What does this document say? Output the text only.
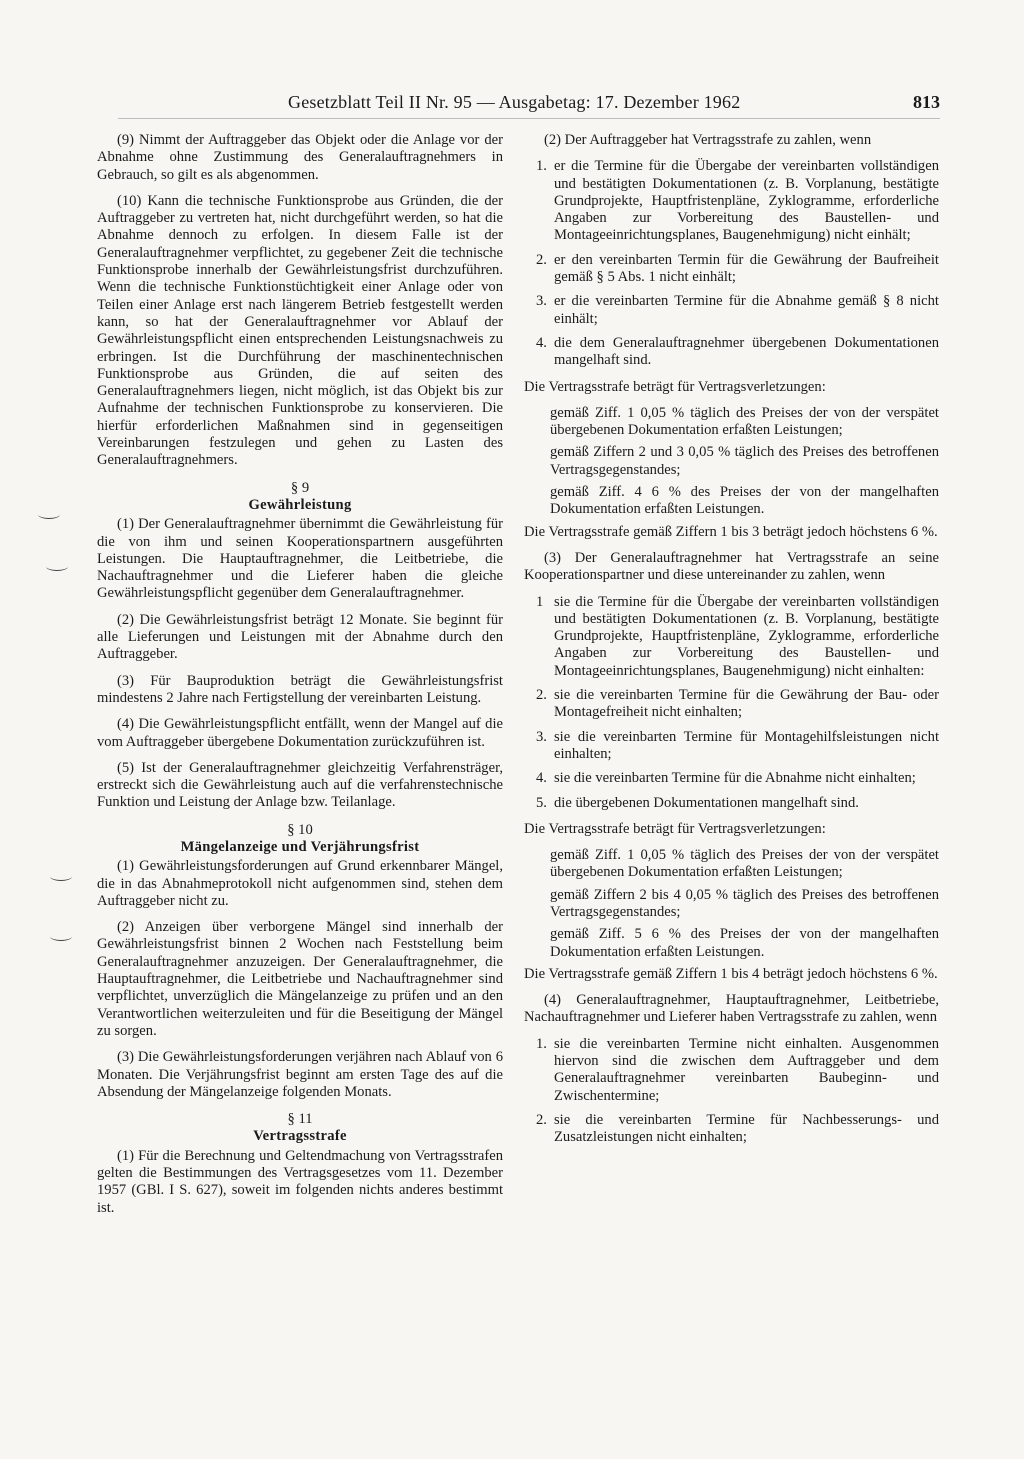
Gesetzblatt Teil II Nr. 95 — Ausgabetag: 17. Dezember 1962	813

(9) Nimmt der Auftraggeber das Objekt oder die Anlage vor der Abnahme ohne Zustimmung des Generalauftragnehmers in Gebrauch, so gilt es als abgenommen.

(10) Kann die technische Funktionsprobe aus Gründen, die der Auftraggeber zu vertreten hat, nicht durchgeführt werden, so hat die Abnahme dennoch zu erfolgen. In diesem Falle ist der Generalauftragnehmer verpflichtet, zu gegebener Zeit die technische Funktionsprobe innerhalb der Gewährleistungsfrist durchzuführen. Wenn die technische Funktionstüchtigkeit einer Anlage oder von Teilen einer Anlage erst nach längerem Betrieb festgestellt werden kann, so hat der Generalauftragnehmer vor Ablauf der Gewährleistungspflicht einen entsprechenden Leistungsnachweis zu erbringen. Ist die Durchführung der maschinentechnischen Funktionsprobe aus Gründen, die auf seiten des Generalauftragnehmers liegen, nicht möglich, ist das Objekt bis zur Aufnahme der technischen Funktionsprobe zu konservieren. Die hierfür erforderlichen Maßnahmen sind in gegenseitigen Vereinbarungen festzulegen und gehen zu Lasten des Generalauftragnehmers.

§ 9
Gewährleistung

(1) Der Generalauftragnehmer übernimmt die Gewährleistung für die von ihm und seinen Kooperationspartnern ausgeführten Leistungen. Die Hauptauftragnehmer, die Leitbetriebe, die Nachauftragnehmer und die Lieferer haben die gleiche Gewährleistungspflicht gegenüber dem Generalauftragnehmer.

(2) Die Gewährleistungsfrist beträgt 12 Monate. Sie beginnt für alle Lieferungen und Leistungen mit der Abnahme durch den Auftraggeber.

(3) Für Bauproduktion beträgt die Gewährleistungsfrist mindestens 2 Jahre nach Fertigstellung der vereinbarten Leistung.

(4) Die Gewährleistungspflicht entfällt, wenn der Mangel auf die vom Auftraggeber übergebene Dokumentation zurückzuführen ist.

(5) Ist der Generalauftragnehmer gleichzeitig Verfahrensträger, erstreckt sich die Gewährleistung auch auf die verfahrenstechnische Funktion und Leistung der Anlage bzw. Teilanlage.

§ 10
Mängelanzeige und Verjährungsfrist

(1) Gewährleistungsforderungen auf Grund erkennbarer Mängel, die in das Abnahmeprotokoll nicht aufgenommen sind, stehen dem Auftraggeber nicht zu.

(2) Anzeigen über verborgene Mängel sind innerhalb der Gewährleistungsfrist binnen 2 Wochen nach Feststellung beim Generalauftragnehmer anzuzeigen. Der Generalauftragnehmer, die Hauptauftragnehmer, die Leitbetriebe und Nachauftragnehmer sind verpflichtet, unverzüglich die Mängelanzeige zu prüfen und an den Verantwortlichen weiterzuleiten und für die Beseitigung der Mängel zu sorgen.

(3) Die Gewährleistungsforderungen verjähren nach Ablauf von 6 Monaten. Die Verjährungsfrist beginnt am ersten Tage des auf die Absendung der Mängelanzeige folgenden Monats.

§ 11
Vertragsstrafe

(1) Für die Berechnung und Geltendmachung von Vertragsstrafen gelten die Bestimmungen des Vertragsgesetzes vom 11. Dezember 1957 (GBl. I S. 627), soweit im folgenden nichts anderes bestimmt ist.

(2) Der Auftraggeber hat Vertragsstrafe zu zahlen, wenn

1. er die Termine für die Übergabe der vereinbarten vollständigen und bestätigten Dokumentationen (z. B. Vorplanung, bestätigte Grundprojekte, Hauptfristenpläne, Zyklogramme, erforderliche Angaben zur Vorbereitung des Baustellen- und Montageeinrichtungsplanes, Baugenehmigung) nicht einhält;
2. er den vereinbarten Termin für die Gewährung der Baufreiheit gemäß § 5 Abs. 1 nicht einhält;
3. er die vereinbarten Termine für die Abnahme gemäß § 8 nicht einhält;
4. die dem Generalauftragnehmer übergebenen Dokumentationen mangelhaft sind.

Die Vertragsstrafe beträgt für Vertragsverletzungen:

gemäß Ziff. 1 0,05 % täglich des Preises der von der verspätet übergebenen Dokumentation erfaßten Leistungen;
gemäß Ziffern 2 und 3 0,05 % täglich des Preises des betroffenen Vertragsgegenstandes;
gemäß Ziff. 4 6 % des Preises der von der mangelhaften Dokumentation erfaßten Leistungen.

Die Vertragsstrafe gemäß Ziffern 1 bis 3 beträgt jedoch höchstens 6 %.

(3) Der Generalauftragnehmer hat Vertragsstrafe an seine Kooperationspartner und diese untereinander zu zahlen, wenn

1 sie die Termine für die Übergabe der vereinbarten vollständigen und bestätigten Dokumentationen (z. B. Vorplanung, bestätigte Grundprojekte, Hauptfristenpläne, Zyklogramme, erforderliche Angaben zur Vorbereitung des Baustellen- und Montageeinrichtungsplanes, Baugenehmigung) nicht einhalten:
2. sie die vereinbarten Termine für die Gewährung der Bau- oder Montagefreiheit nicht einhalten;
3. sie die vereinbarten Termine für Montagehilfsleistungen nicht einhalten;
4. sie die vereinbarten Termine für die Abnahme nicht einhalten;
5. die übergebenen Dokumentationen mangelhaft sind.

Die Vertragsstrafe beträgt für Vertragsverletzungen:

gemäß Ziff. 1 0,05 % täglich des Preises der von der verspätet übergebenen Dokumentation erfaßten Leistungen;
gemäß Ziffern 2 bis 4 0,05 % täglich des Preises des betroffenen Vertragsgegenstandes;
gemäß Ziff. 5 6 % des Preises der von der mangelhaften Dokumentation erfaßten Leistungen.

Die Vertragsstrafe gemäß Ziffern 1 bis 4 beträgt jedoch höchstens 6 %.

(4) Generalauftragnehmer, Hauptauftragnehmer, Leitbetriebe, Nachauftragnehmer und Lieferer haben Vertragsstrafe zu zahlen, wenn

1. sie die vereinbarten Termine nicht einhalten. Ausgenommen hiervon sind die zwischen dem Auftraggeber und dem Generalauftragnehmer vereinbarten Baubeginn- und Zwischentermine;
2. sie die vereinbarten Termine für Nachbesserungs- und Zusatzleistungen nicht einhalten;
